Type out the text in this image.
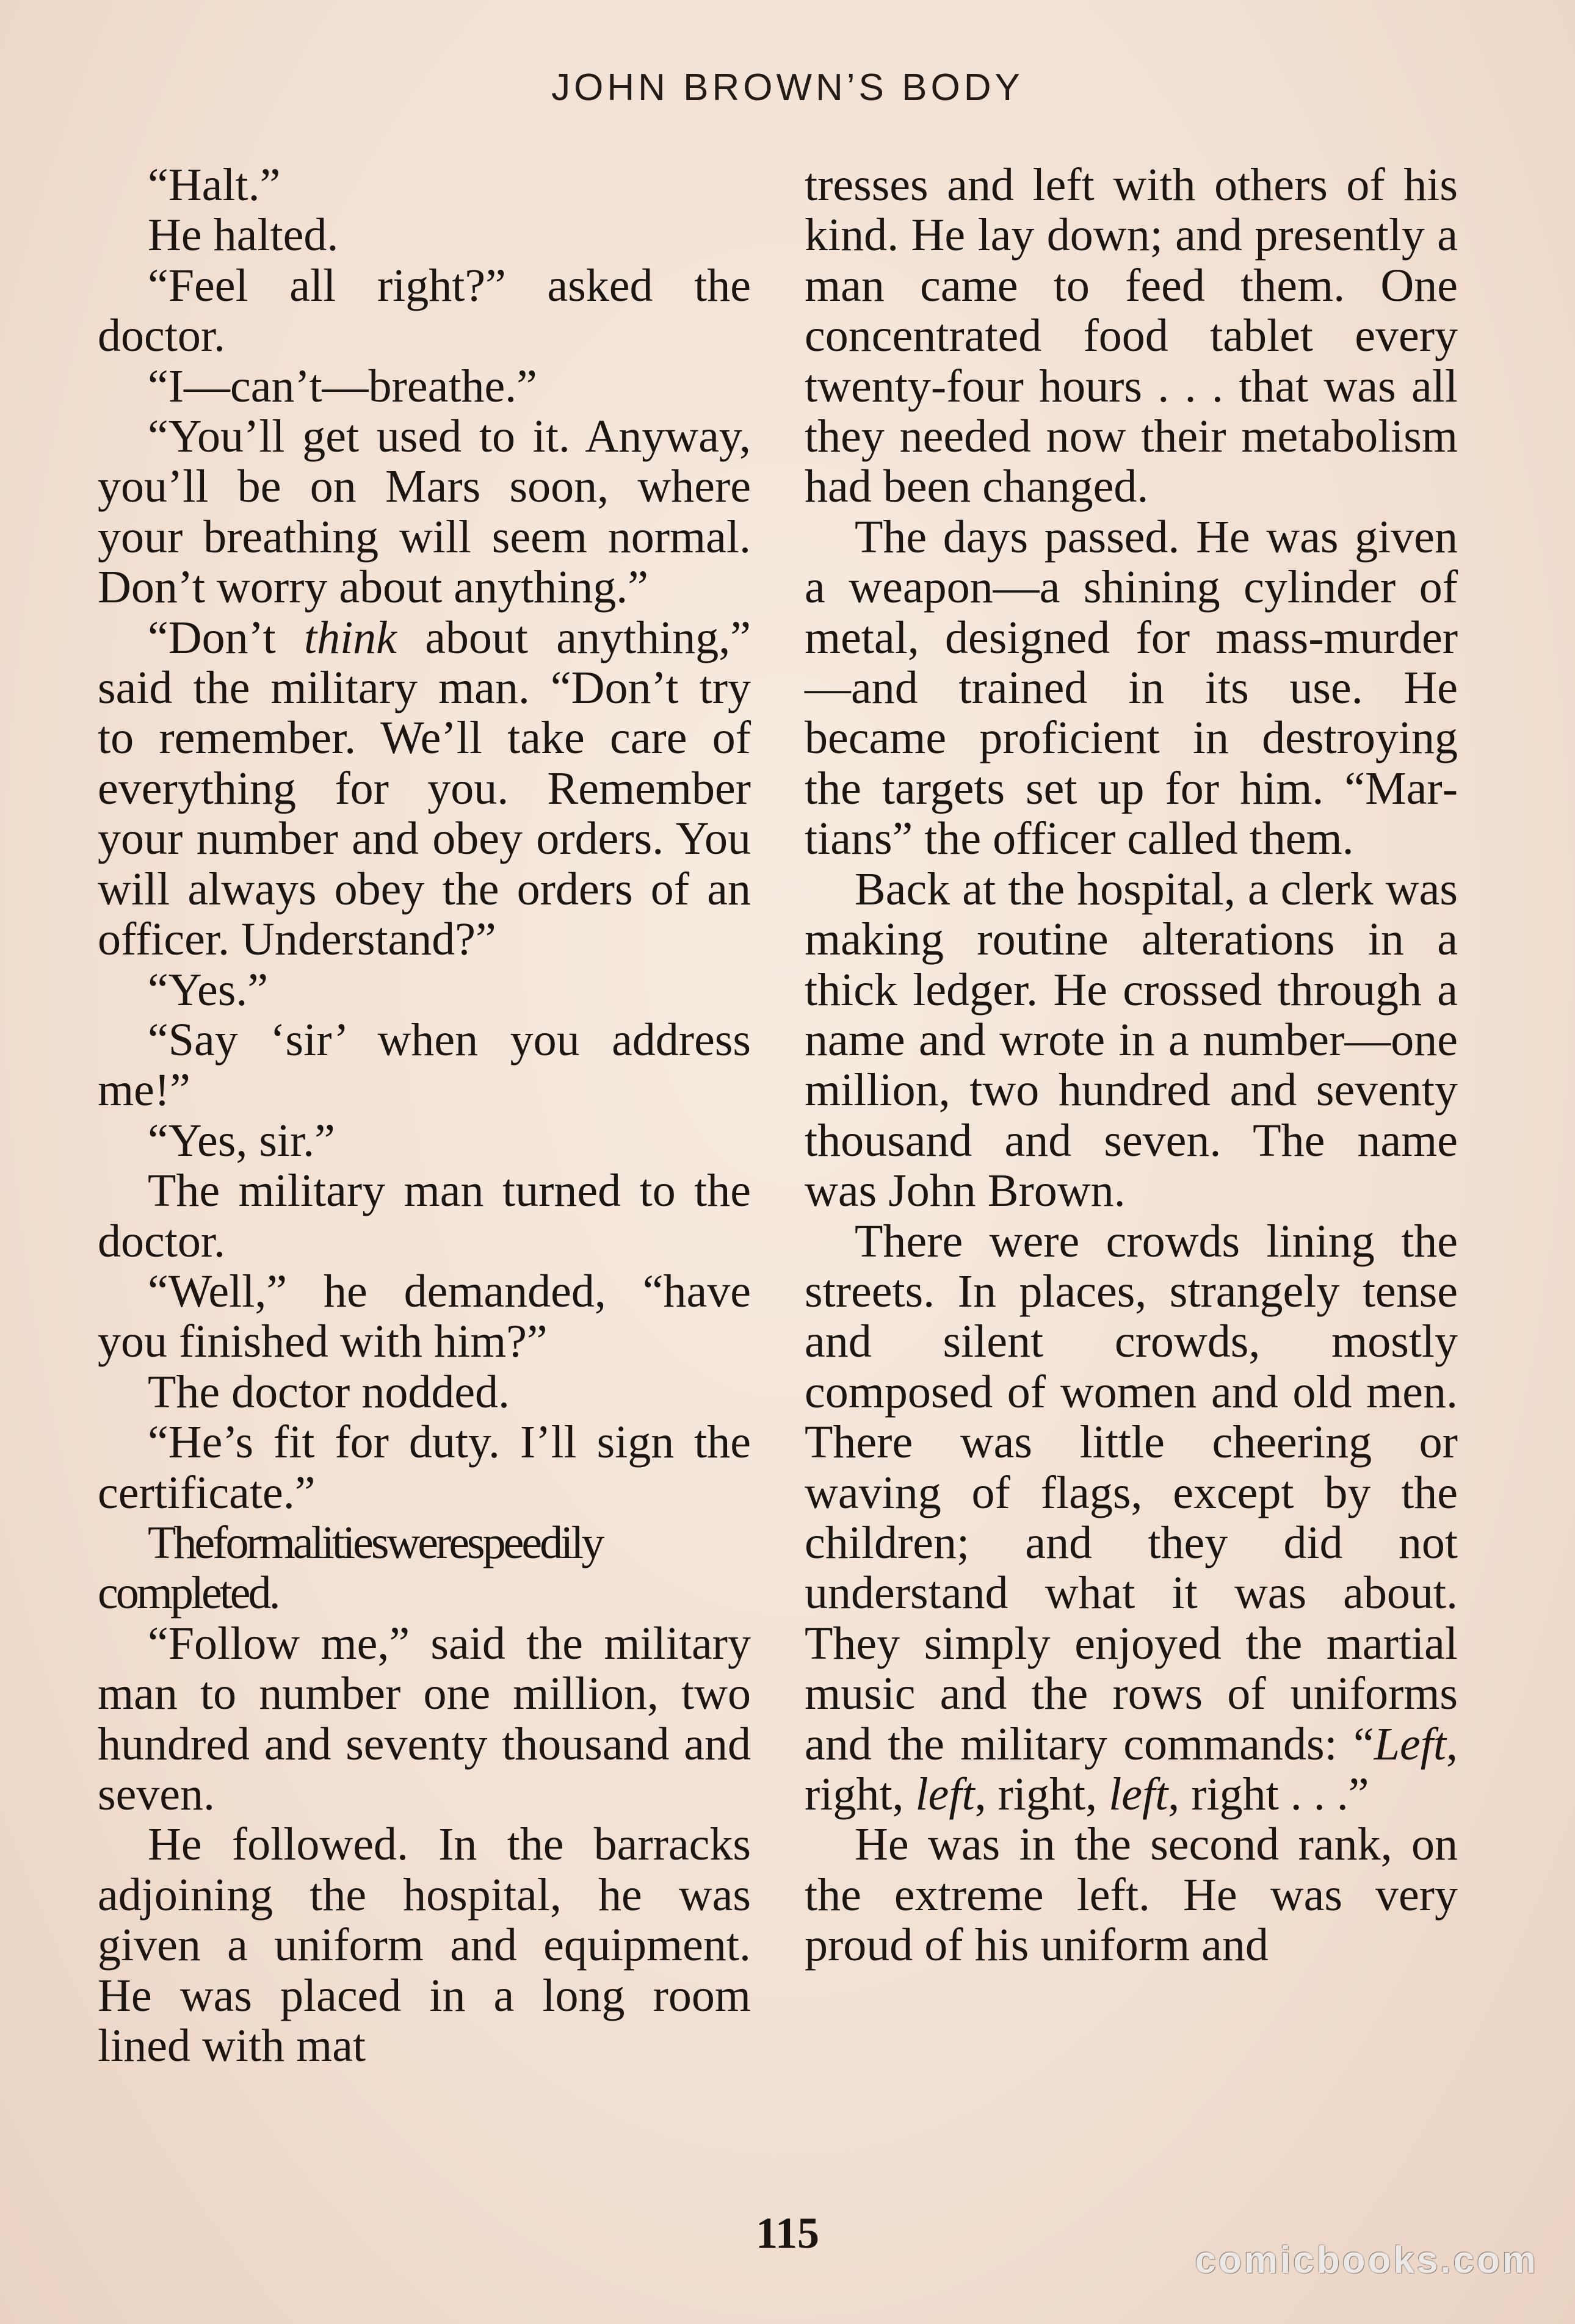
JOHN BROWN’S BODY

“Halt.”

He halted.

“Feel all right?” asked the doctor.

“I—can’t—breathe.”

“You’ll get used to it. Anyway, you’ll be on Mars soon, where your breathing will seem normal. Don’t worry about anything.”

“Don’t think about anything,” said the military man. “Don’t try to remember. We’ll take care of everything for you. Remember your number and obey orders. You will always obey the orders of an officer. Understand?”

“Yes.”

“Say ‘sir’ when you address me!”

“Yes, sir.”

The military man turned to the doctor.

“Well,” he demanded, “have you finished with him?”

The doctor nodded.

“He’s fit for duty. I’ll sign the certificate.”

Theformalitieswerespeedily completed.

“Follow me,” said the military man to number one million, two hundred and seventy thousand and seven.

He followed. In the barracks adjoining the hospital, he was given a uniform and equipment. He was placed in a long room lined with mat

tresses and left with others of his kind. He lay down; and presently a man came to feed them. One concentrated food tablet every twenty-four hours . . . that was all they needed now their metabolism had been changed.

The days passed. He was given a weapon—a shining cylinder of metal, designed for mass-murder—and trained in its use. He became proficient in destroying the targets set up for him. “Martians” the officer called them.

Back at the hospital, a clerk was making routine alterations in a thick ledger. He crossed through a name and wrote in a number—one million, two hundred and seventy thousand and seven. The name was John Brown.

There were crowds lining the streets. In places, strangely tense and silent crowds, mostly composed of women and old men. There was little cheering or waving of flags, except by the children; and they did not understand what it was about. They simply enjoyed the martial music and the rows of uniforms and the military commands: “Left, right, left, right, left, right . . .”

He was in the second rank, on the extreme left. He was very proud of his uniform and

115
comicbooks.com
